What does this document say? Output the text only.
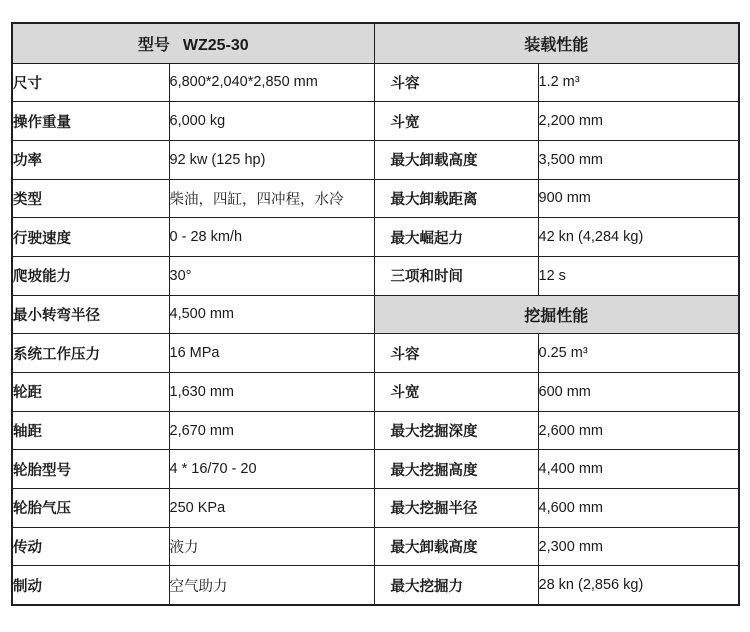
型号 WZ25-30		装载性能	
尺寸	6,800*2,040*2,850 mm	斗容	1.2 m³
操作重量	6,000 kg	斗宽	2,200 mm
功率	92 kw (125 hp)	最大卸载高度	3,500 mm
类型	柴油，四缸，四冲程，水冷	最大卸载距离	900 mm
行驶速度	0 - 28 km/h	最大崛起力	42 kn (4,284 kg)
爬坡能力	30°	三项和时间	12 s
最小转弯半径	4,500 mm	挖掘性能	
系统工作压力	16 MPa	斗容	0.25 m³
轮距	1,630 mm	斗宽	600 mm
轴距	2,670 mm	最大挖掘深度	2,600 mm
轮胎型号	4 * 16/70 - 20	最大挖掘高度	4,400 mm
轮胎气压	250 KPa	最大挖掘半径	4,600 mm
传动	液力	最大卸载高度	2,300 mm
制动	空气助力	最大挖掘力	28 kn (2,856 kg)
